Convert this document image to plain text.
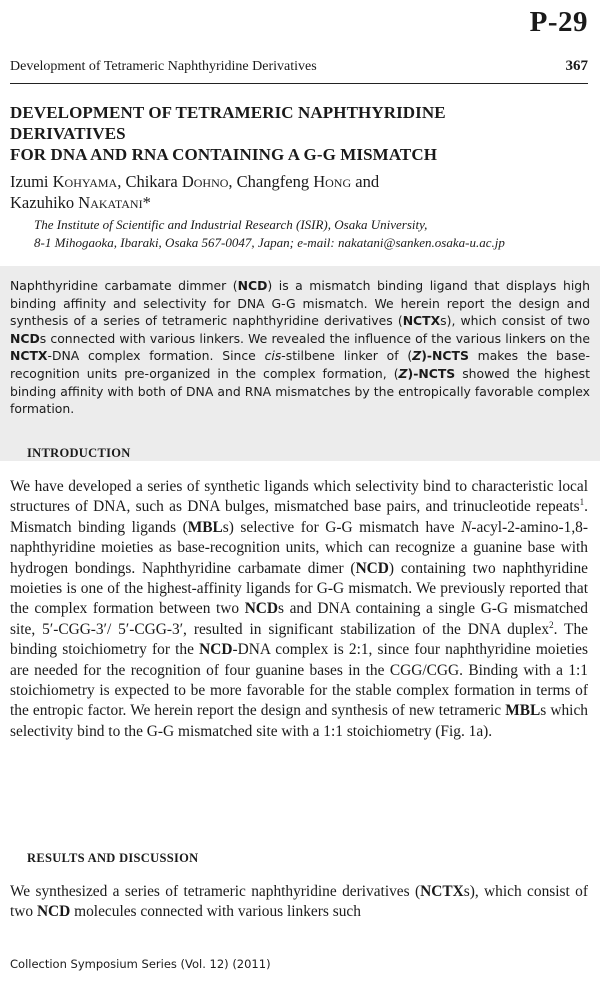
P-29
Development of Tetrameric Naphthyridine Derivatives	367
DEVELOPMENT OF TETRAMERIC NAPHTHYRIDINE DERIVATIVES
FOR DNA AND RNA CONTAINING A G-G MISMATCH
Izumi Kohyama, Chikara Dohno, Changfeng Hong and
Kazuhiko Nakatani*
The Institute of Scientific and Industrial Research (ISIR), Osaka University,
8-1 Mihogaoka, Ibaraki, Osaka 567-0047, Japan; e-mail: nakatani@sanken.osaka-u.ac.jp

Naphthyridine carbamate dimmer (NCD) is a mismatch binding ligand that displays high binding affinity and selectivity for DNA G-G mismatch. We herein report the design and synthesis of a series of tetrameric naphthyridine derivatives (NCTXs), which consist of two NCDs connected with various linkers. We revealed the influence of the various linkers on the NCTX-DNA complex formation. Since cis-stilbene linker of (Z)-NCTS makes the base-recognition units pre-organized in the complex formation, (Z)-NCTS showed the highest binding affinity with both of DNA and RNA mismatches by the entropically favorable complex formation.

INTRODUCTION

We have developed a series of synthetic ligands which selectivity bind to characteristic local structures of DNA, such as DNA bulges, mismatched base pairs, and trinucleotide repeats$^1$. Mismatch binding ligands (MBLs) selective for G-G mismatch have N-acyl-2-amino-1,8-naphthyridine moieties as base-recognition units, which can recognize a guanine base with hydrogen bondings. Naphthyridine carbamate dimer (NCD) containing two naphthyridine moieties is one of the highest-affinity ligands for G-G mismatch. We previously reported that the complex formation between two NCDs and DNA containing a single G-G mismatched site, 5′-CGG-3′/ 5′-CGG-3′, resulted in significant stabilization of the DNA duplex$^2$. The binding stoichiometry for the NCD-DNA complex is 2:1, since four naphthyridine moieties are needed for the recognition of four guanine bases in the CGG/CGG. Binding with a 1:1 stoichiometry is expected to be more favorable for the stable complex formation in terms of the entropic factor. We herein report the design and synthesis of new tetrameric MBLs which selectivity bind to the G-G mismatched site with a 1:1 stoichiometry (Fig. 1a).

RESULTS AND DISCUSSION

We synthesized a series of tetrameric naphthyridine derivatives (NCTXs), which consist of two NCD molecules connected with various linkers such

Collection Symposium Series (Vol. 12) (2011)
